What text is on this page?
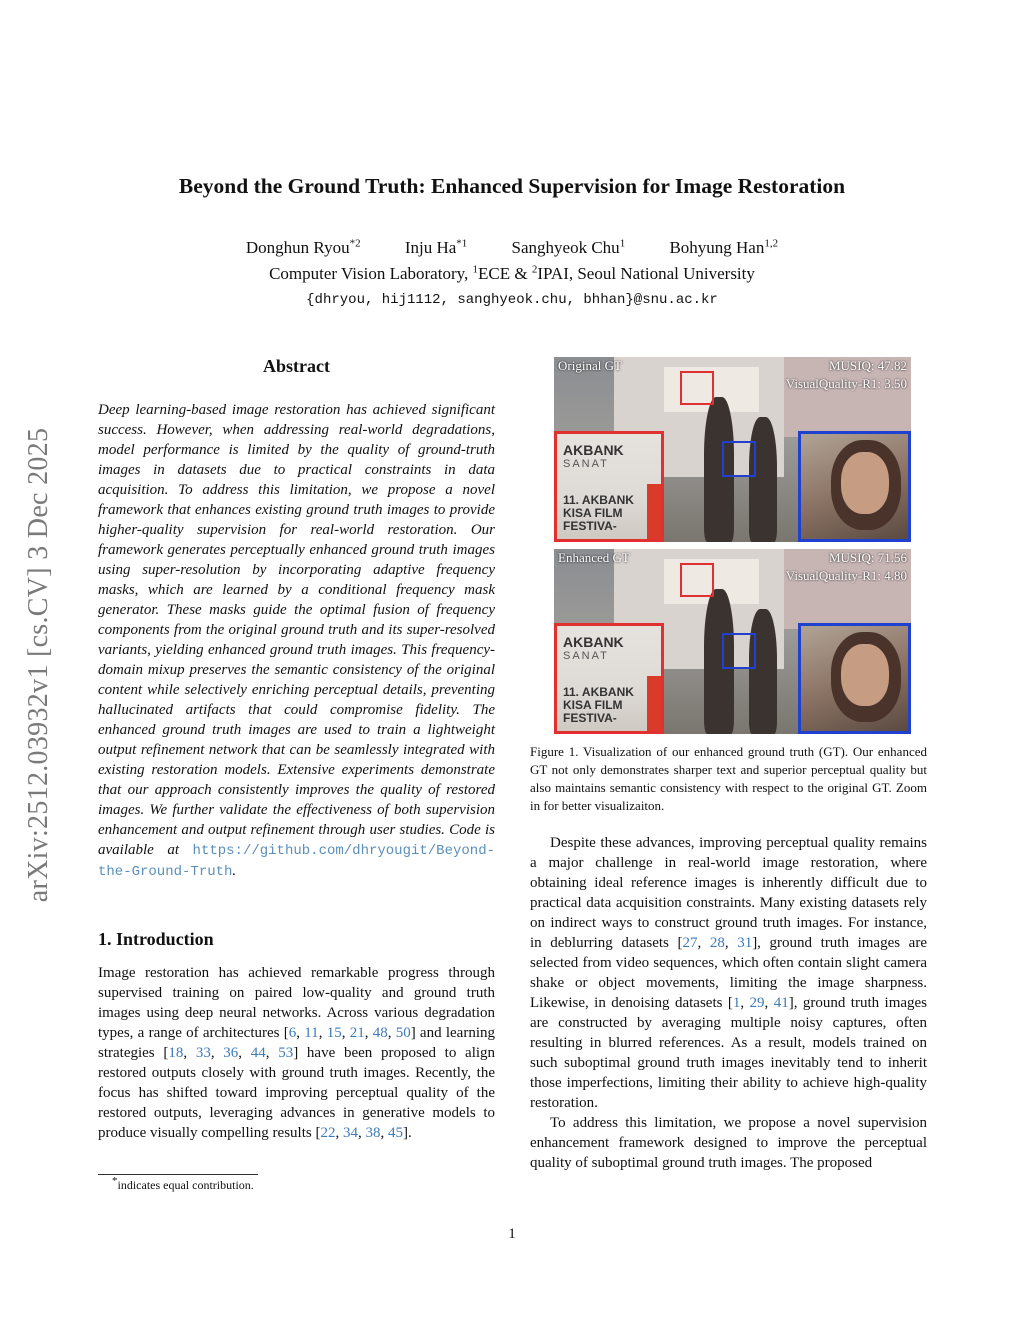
arXiv:2512.03932v1 [cs.CV] 3 Dec 2025
Beyond the Ground Truth: Enhanced Supervision for Image Restoration
Donghun Ryou$^{*2}$	Inju Ha$^{*1}$	Sanghyeok Chu$^1$	Bohyung Han$^{1,2}$
Computer Vision Laboratory, $^1$ECE & $^2$IPAI, Seoul National University
{dhryou, hij1112, sanghyeok.chu, bhhan}@snu.ac.kr
Abstract
Deep learning-based image restoration has achieved significant success. However, when addressing real-world degradations, model performance is limited by the quality of ground-truth images in datasets due to practical constraints in data acquisition. To address this limitation, we propose a novel framework that enhances existing ground truth images to provide higher-quality supervision for real-world restoration. Our framework generates perceptually enhanced ground truth images using super-resolution by incorporating adaptive frequency masks, which are learned by a conditional frequency mask generator. These masks guide the optimal fusion of frequency components from the original ground truth and its super-resolved variants, yielding enhanced ground truth images. This frequency-domain mixup preserves the semantic consistency of the original content while selectively enriching perceptual details, preventing hallucinated artifacts that could compromise fidelity. The enhanced ground truth images are used to train a lightweight output refinement network that can be seamlessly integrated with existing restoration models. Extensive experiments demonstrate that our approach consistently improves the quality of restored images. We further validate the effectiveness of both supervision enhancement and output refinement through user studies. Code is available at https://github.com/dhryougit/Beyond-the-Ground-Truth.
1. Introduction
Image restoration has achieved remarkable progress through supervised training on paired low-quality and ground truth images using deep neural networks. Across various degradation types, a range of architectures [6, 11, 15, 21, 48, 50] and learning strategies [18, 33, 36, 44, 53] have been proposed to align restored outputs closely with ground truth images. Recently, the focus has shifted toward improving perceptual quality of the restored outputs, leveraging advances in generative models to produce visually compelling results [22, 34, 38, 45].
*indicates equal contribution.
AKBANK
SANAT
11. AKBANK
KISA FILM
FESTIVA-
Original GT	MUSIQ: 47.82
VisualQuality-R1: 3.50
AKBANK
SANAT
11. AKBANK
KISA FILM
FESTIVA-
Enhanced GT	MUSIQ: 71.56
VisualQuality-R1: 4.80
Figure 1. Visualization of our enhanced ground truth (GT). Our enhanced GT not only demonstrates sharper text and superior perceptual quality but also maintains semantic consistency with respect to the original GT. Zoom in for better visualizaiton.

Despite these advances, improving perceptual quality remains a major challenge in real-world image restoration, where obtaining ideal reference images is inherently difficult due to practical data acquisition constraints. Many existing datasets rely on indirect ways to construct ground truth images. For instance, in deblurring datasets [27, 28, 31], ground truth images are selected from video sequences, which often contain slight camera shake or object movements, limiting the image sharpness. Likewise, in denoising datasets [1, 29, 41], ground truth images are constructed by averaging multiple noisy captures, often resulting in blurred references. As a result, models trained on such suboptimal ground truth images inevitably tend to inherit those imperfections, limiting their ability to achieve high-quality restoration.

To address this limitation, we propose a novel supervision enhancement framework designed to improve the perceptual quality of suboptimal ground truth images. The proposed

1
